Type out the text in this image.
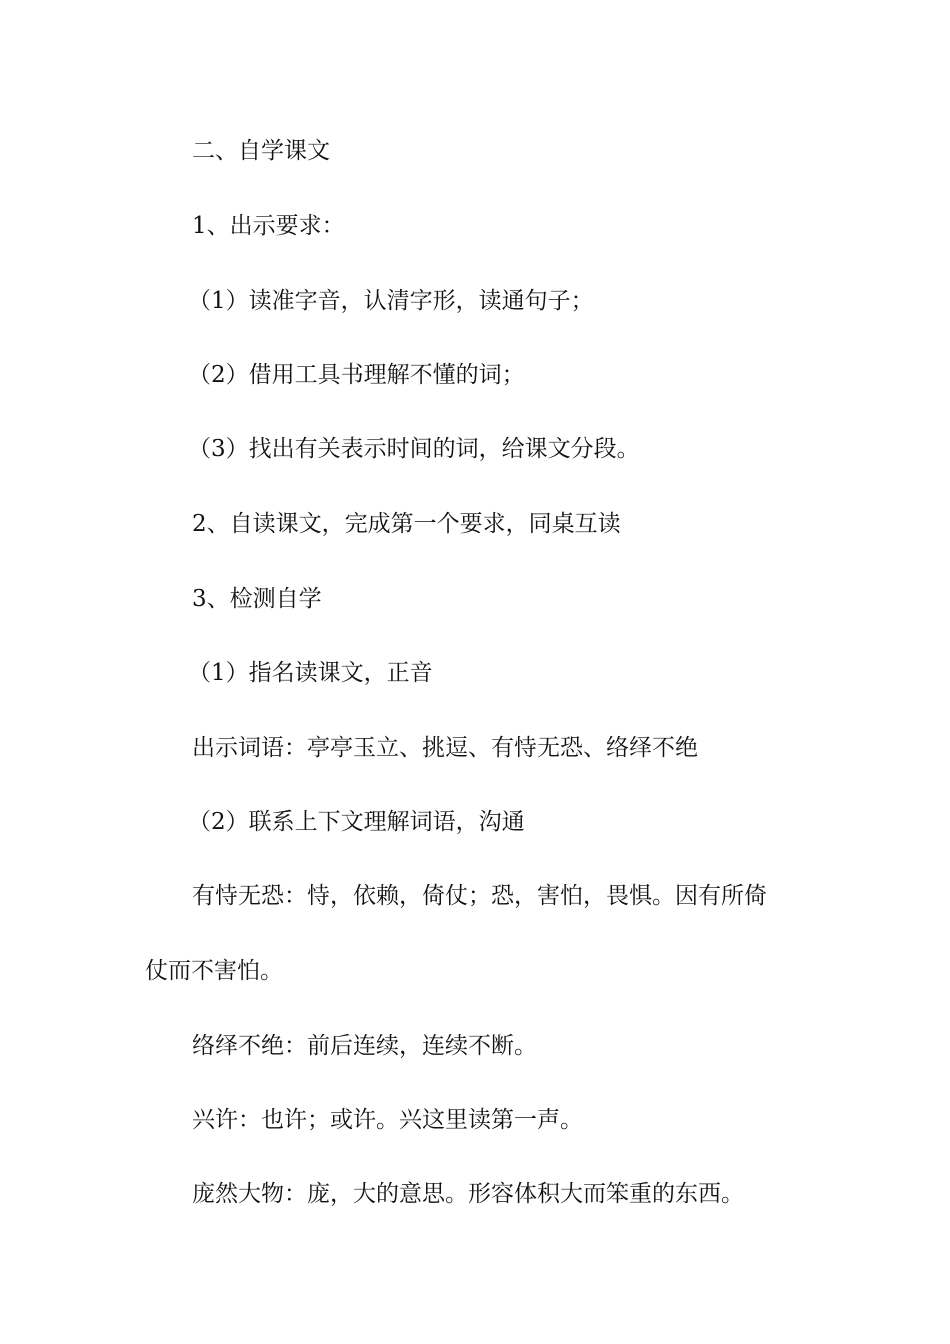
二、自学课文
1、出示要求：
（1）读准字音，认清字形，读通句子；
（2）借用工具书理解不懂的词；
（3）找出有关表示时间的词，给课文分段。
2、自读课文，完成第一个要求，同桌互读
3、检测自学
（1）指名读课文，正音
出示词语：亭亭玉立、挑逗、有恃无恐、络绎不绝
（2）联系上下文理解词语，沟通
有恃无恐：恃，依赖，倚仗；恐，害怕，畏惧。因有所倚
仗而不害怕。
络绎不绝：前后连续，连续不断。
兴许：也许；或许。兴这里读第一声。
庞然大物：庞，大的意思。形容体积大而笨重的东西。
